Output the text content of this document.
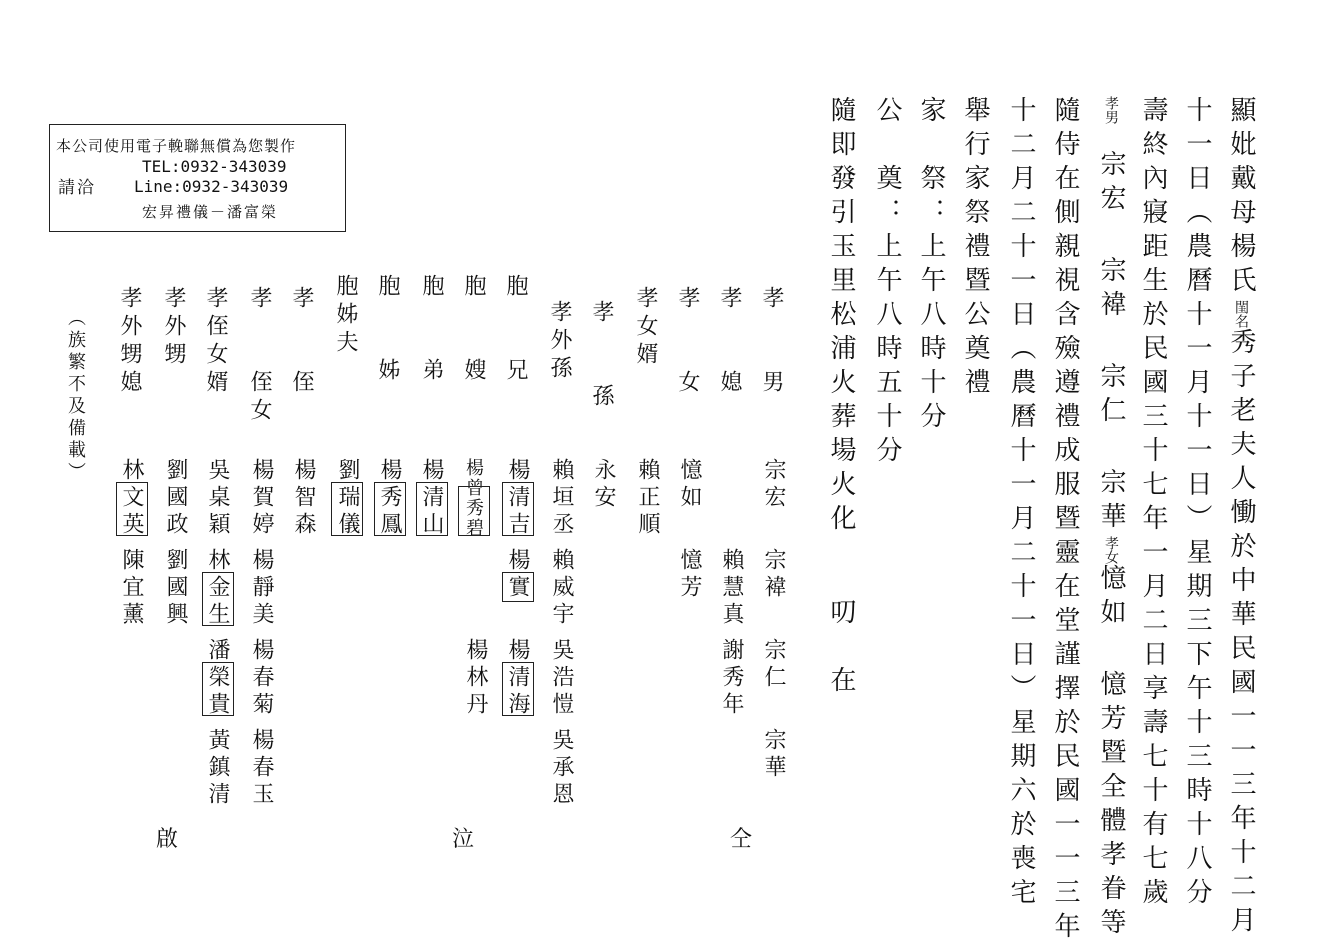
顯妣戴母楊氏閨名秀子老夫人慟於中華民國一一三年十二月
十一日（農曆十一月十一日）星期三下午十三時十八分
壽終內寢距生於民國三十七年一月二日享壽七十有七歲
孝男宗宏 宗褘 宗仁 宗華孝女憶如 憶芳暨全體孝眷等
隨侍在側親視含殮遵禮成服暨靈在堂謹擇於民國一一三年
十二月二十一日（農曆十一月二十一日）星期六於喪宅
舉行家祭禮暨公奠禮
家　祭：上午八時十分
公　奠：上午八時五十分
隨即發引玉里松浦火葬場火化叨　在
孝　　男
孝　　媳
孝　　女
孝女婿
孝　　孫
孝外孫
胞　　兄
胞　　嫂
胞　　弟
胞　　姊
胞姊夫
孝　　侄
孝　　侄女
孝侄女婿
孝外甥
孝外甥媳
宗宏
宗褘
宗仁
宗華
賴慧真
謝秀年
憶如
憶芳
賴正順
永安
賴垣丞
賴威宇
吳浩愷
吳承恩
楊清吉
楊實
楊清海
楊曾秀碧
楊林丹
楊清山
楊秀鳳
劉瑞儀
楊智森
楊賀婷
楊靜美
楊春菊
楊春玉
吳桌穎
林金生
潘榮貴
黃鎮清
劉國政
劉國興
林文英
陳宜薰
仝
泣
啟
（族繁不及備載）
本公司使用電子輓聯無償為您製作
請洽
TEL:0932-343039
Line:0932-343039
宏昇禮儀－潘富榮
